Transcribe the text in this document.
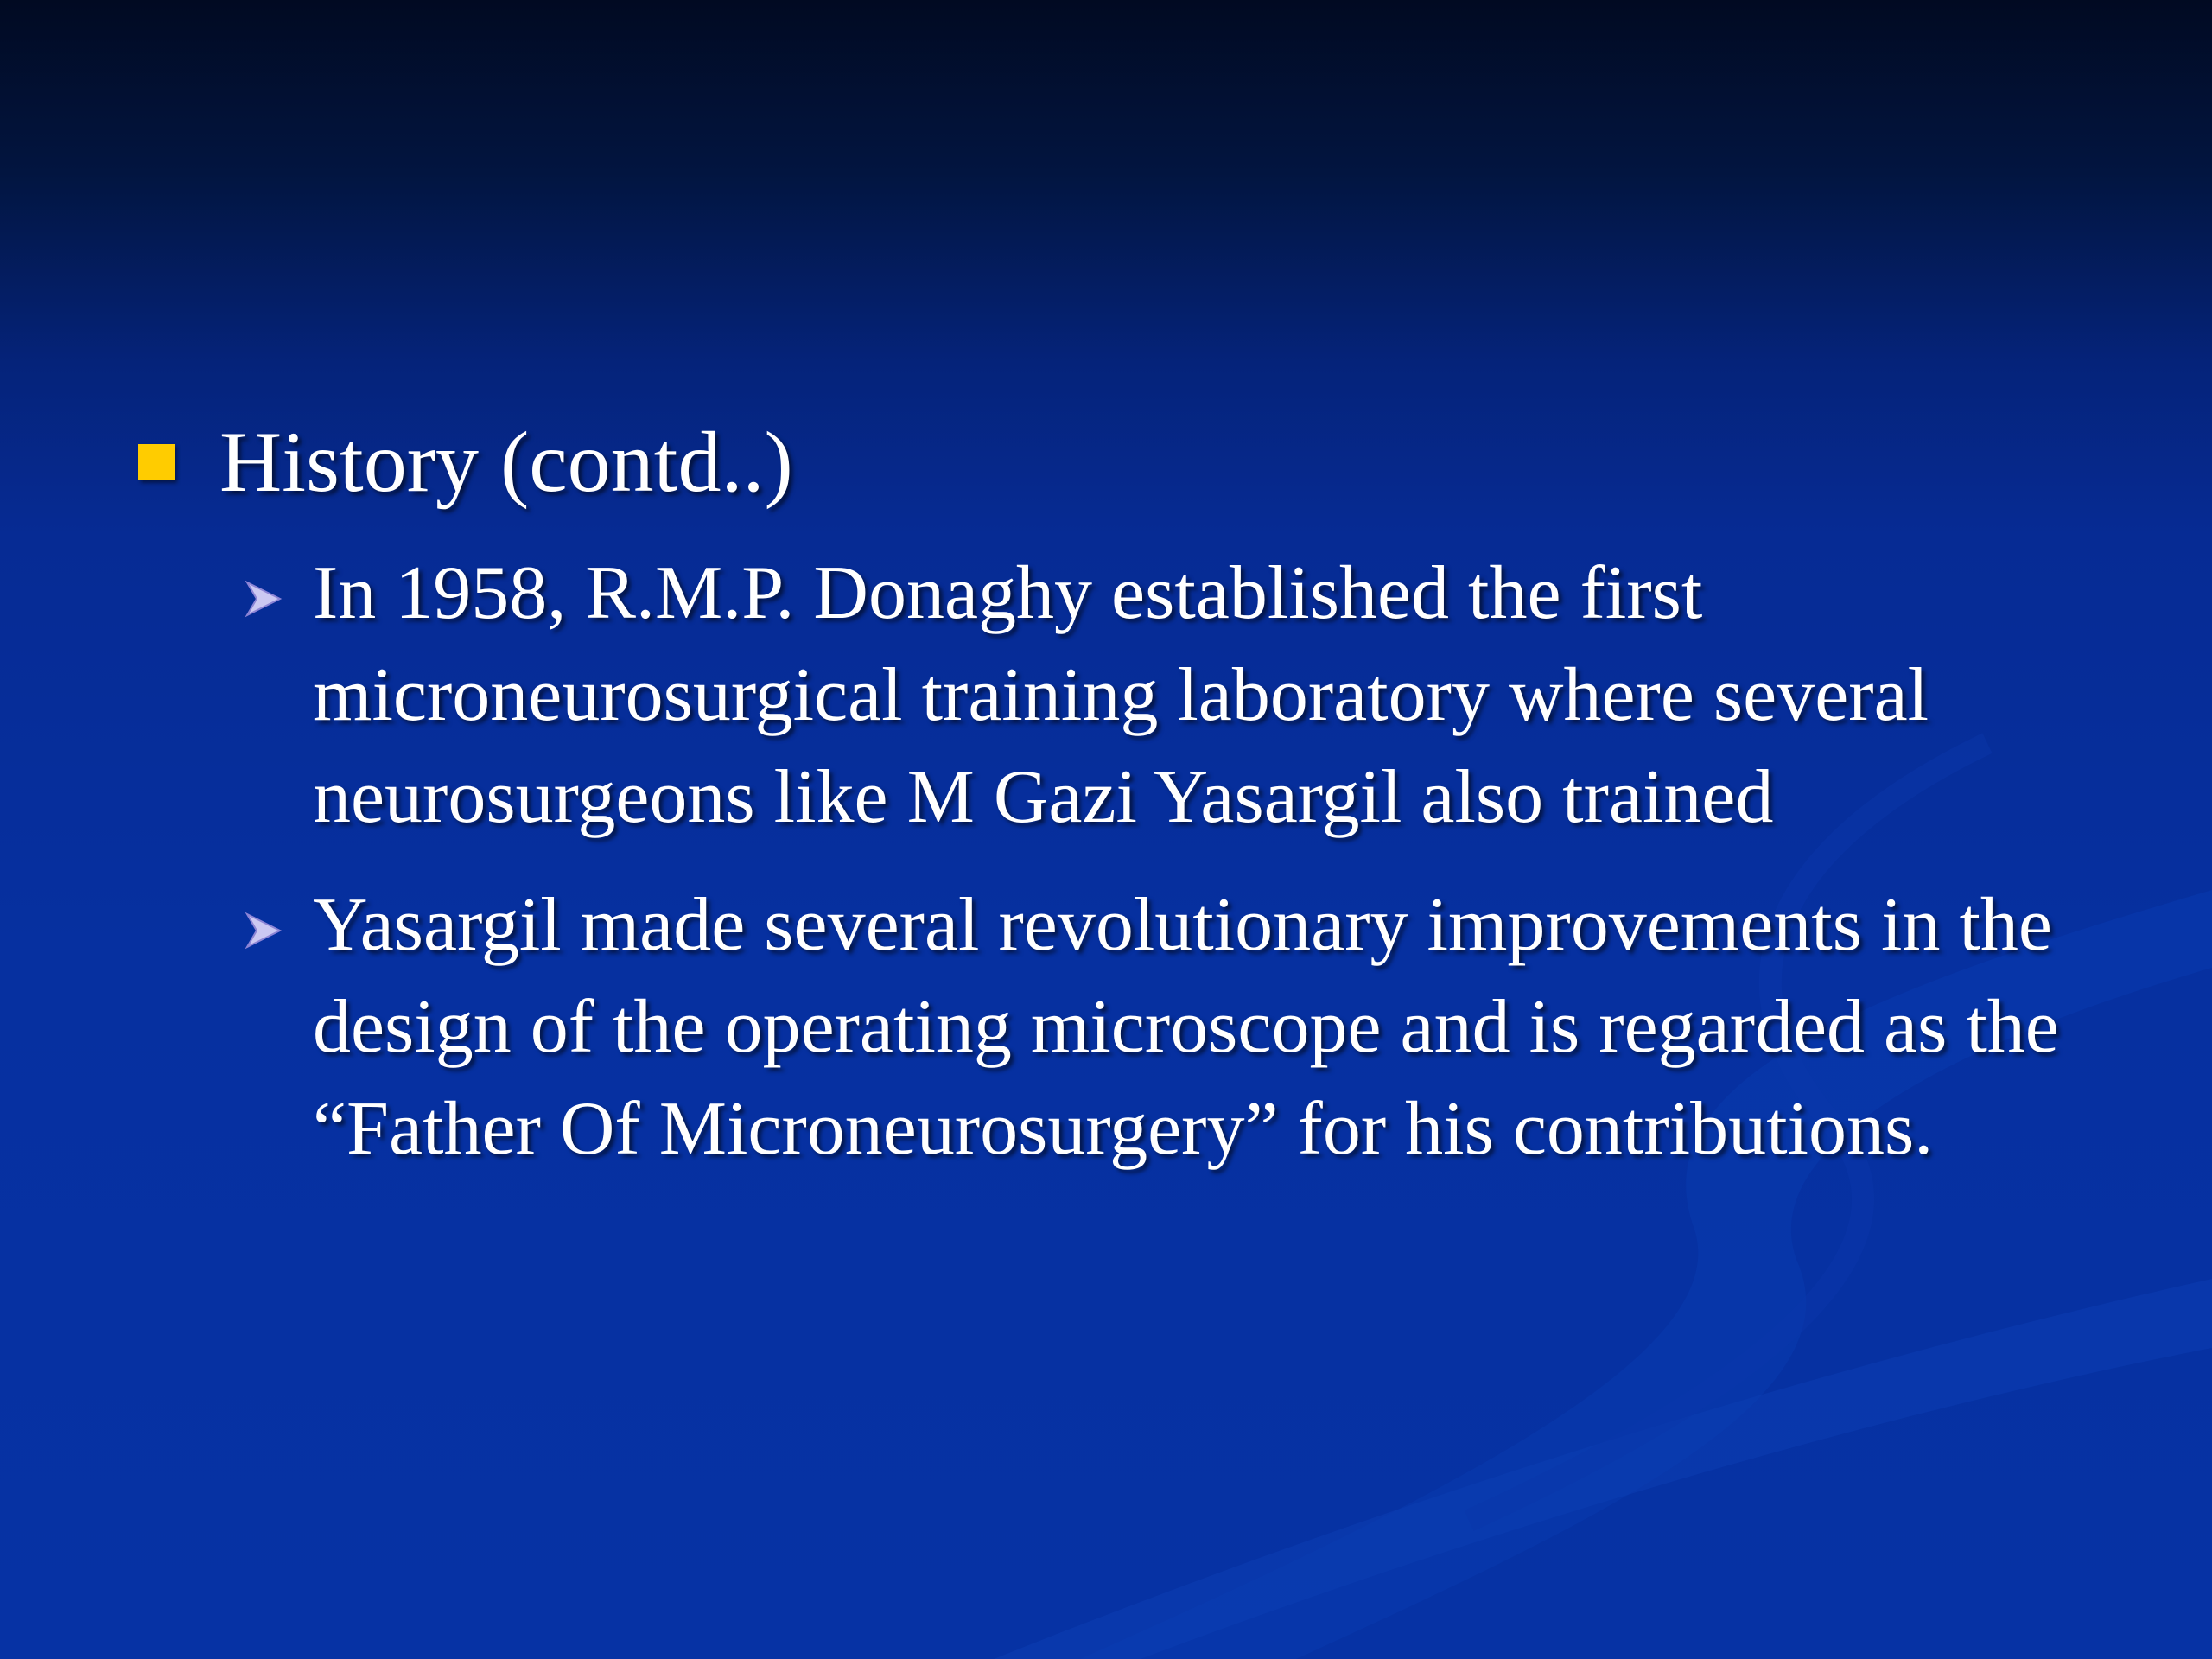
History (contd..)
In 1958, R.M.P. Donaghy established the first microneurosurgical training laboratory where several neurosurgeons like M Gazi Yasargil also trained
Yasargil made several revolutionary improvements in the design of the operating microscope and is regarded as the “Father Of Microneurosurgery” for his contributions.
